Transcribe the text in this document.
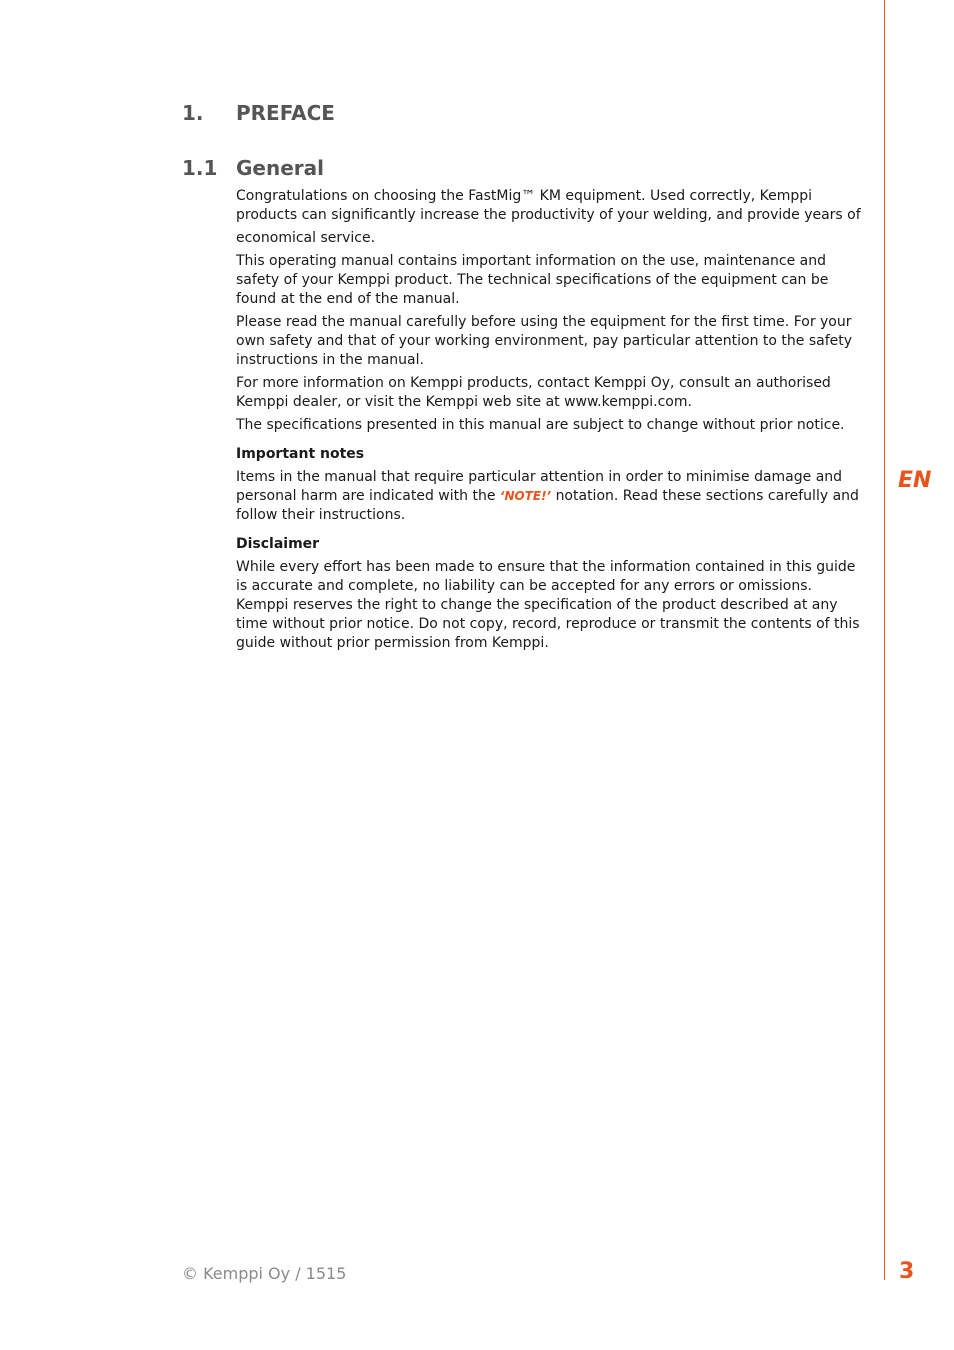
EN
1.	PREFACE
1.1 General

Congratulations on choosing the FastMig™ KM equipment. Used correctly, Kemppi products can significantly increase the productivity of your welding, and provide years of

economical service.

This operating manual contains important information on the use, maintenance and safety of your Kemppi product. The technical specifications of the equipment can be found at the end of the manual.

Please read the manual carefully before using the equipment for the first time. For your own safety and that of your working environment, pay particular attention to the safety instructions in the manual.

For more information on Kemppi products, contact Kemppi Oy, consult an authorised Kemppi dealer, or visit the Kemppi web site at www.kemppi.com.

The specifications presented in this manual are subject to change without prior notice.

Important notes

Items in the manual that require particular attention in order to minimise damage and personal harm are indicated with the ‘NOTE!’ notation. Read these sections carefully and follow their instructions.

Disclaimer

While every effort has been made to ensure that the information contained in this guide is accurate and complete, no liability can be accepted for any errors or omissions. Kemppi reserves the right to change the specification of the product described at any time without prior notice. Do not copy, record, reproduce or transmit the contents of this guide without prior permission from Kemppi.

© Kemppi Oy / 1515	3
